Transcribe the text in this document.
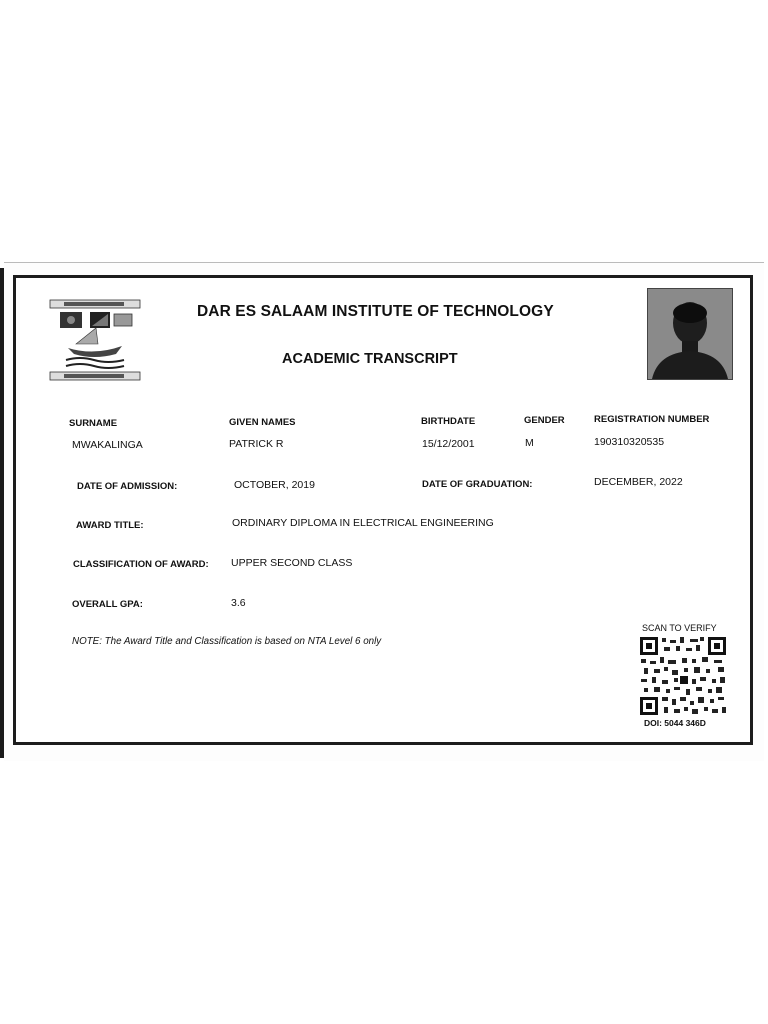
DAR ES SALAAM INSTITUTE OF TECHNOLOGY
ACADEMIC TRANSCRIPT
SURNAME	GIVEN NAMES	BIRTHDATE	GENDER	REGISTRATION NUMBER
MWAKALINGA	PATRICK R	15/12/2001	M	190310320535
DATE OF ADMISSION:	OCTOBER, 2019	DATE OF GRADUATION:	DECEMBER, 2022
AWARD TITLE:	ORDINARY DIPLOMA IN ELECTRICAL ENGINEERING
CLASSIFICATION OF AWARD: UPPER SECOND CLASS
OVERALL GPA:	3.6
NOTE: The Award Title and Classification is based on NTA Level 6 only
SCAN TO VERIFY
DOI: 5044 346D
